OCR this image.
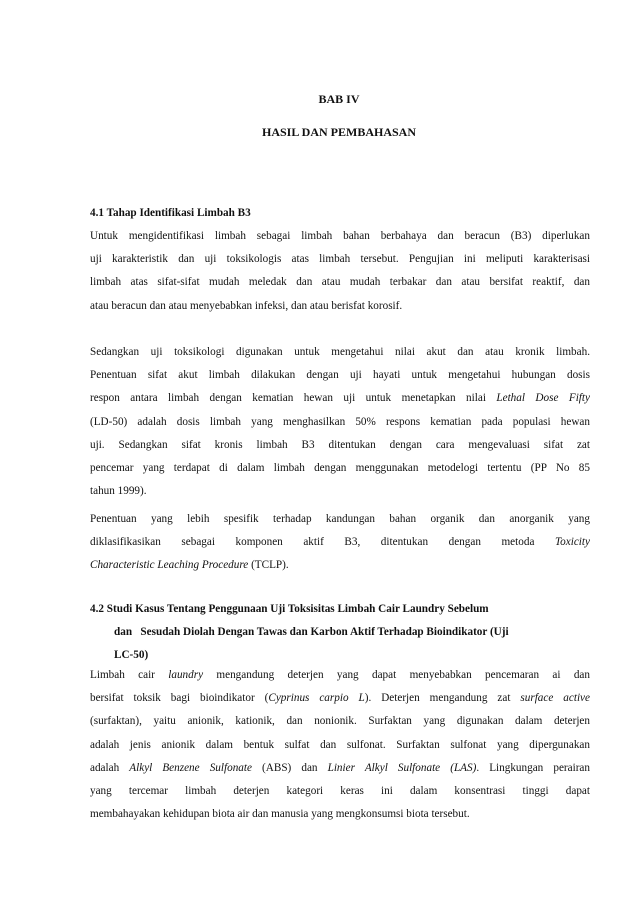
BAB IV
HASIL DAN PEMBAHASAN
4.1 Tahap Identifikasi Limbah B3
Untuk mengidentifikasi limbah sebagai limbah bahan berbahaya dan beracun (B3) diperlukan
uji karakteristik dan uji toksikologis atas limbah tersebut. Pengujian ini meliputi karakterisasi
limbah atas sifat-sifat mudah meledak dan atau mudah terbakar dan atau bersifat reaktif, dan
atau beracun dan atau menyebabkan infeksi, dan atau berisfat korosif.
Sedangkan uji toksikologi digunakan untuk mengetahui nilai akut dan atau kronik limbah.
Penentuan sifat akut limbah dilakukan dengan uji hayati untuk mengetahui hubungan dosis
respon antara limbah dengan kematian hewan uji untuk menetapkan nilai Lethal Dose Fifty
(LD-50) adalah dosis limbah yang menghasilkan 50% respons kematian pada populasi hewan
uji. Sedangkan sifat kronis limbah B3 ditentukan dengan cara mengevaluasi sifat zat
pencemar yang terdapat di dalam limbah dengan menggunakan metodelogi tertentu (PP No 85
tahun 1999).
Penentuan yang lebih spesifik terhadap kandungan bahan organik dan anorganik yang
diklasifikasikan sebagai komponen aktif B3, ditentukan dengan metoda Toxicity
Characteristic Leaching Procedure (TCLP).
4.2 Studi Kasus Tentang Penggunaan Uji Toksisitas Limbah Cair Laundry Sebelum
dan   Sesudah Diolah Dengan Tawas dan Karbon Aktif Terhadap Bioindikator (Uji
LC-50)
Limbah cair laundry mengandung deterjen yang dapat menyebabkan pencemaran ai dan
bersifat toksik bagi bioindikator (Cyprinus carpio L). Deterjen mengandung zat surface active
(surfaktan), yaitu anionik, kationik, dan nonionik. Surfaktan yang digunakan dalam deterjen
adalah jenis anionik dalam bentuk sulfat dan sulfonat. Surfaktan sulfonat yang dipergunakan
adalah Alkyl Benzene Sulfonate (ABS) dan Linier Alkyl Sulfonate (LAS). Lingkungan perairan
yang tercemar limbah deterjen kategori keras ini dalam konsentrasi tinggi dapat
membahayakan kehidupan biota air dan manusia yang mengkonsumsi biota tersebut.
